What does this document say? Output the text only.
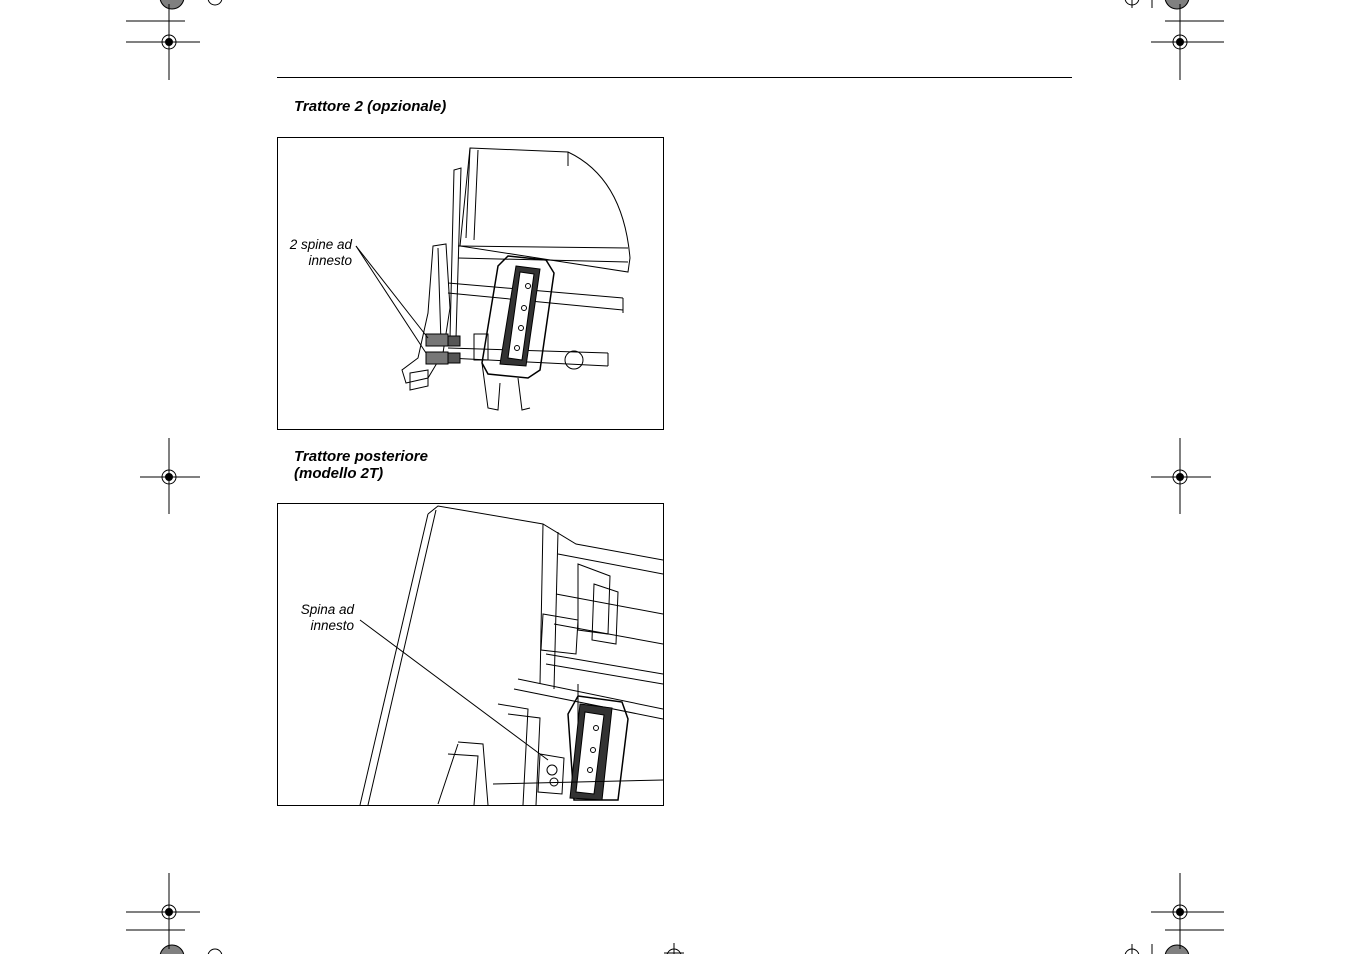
Trattore 2 (opzionale)
2 spine ad
innesto
Trattore posteriore
(modello 2T)
Spina ad
innesto
